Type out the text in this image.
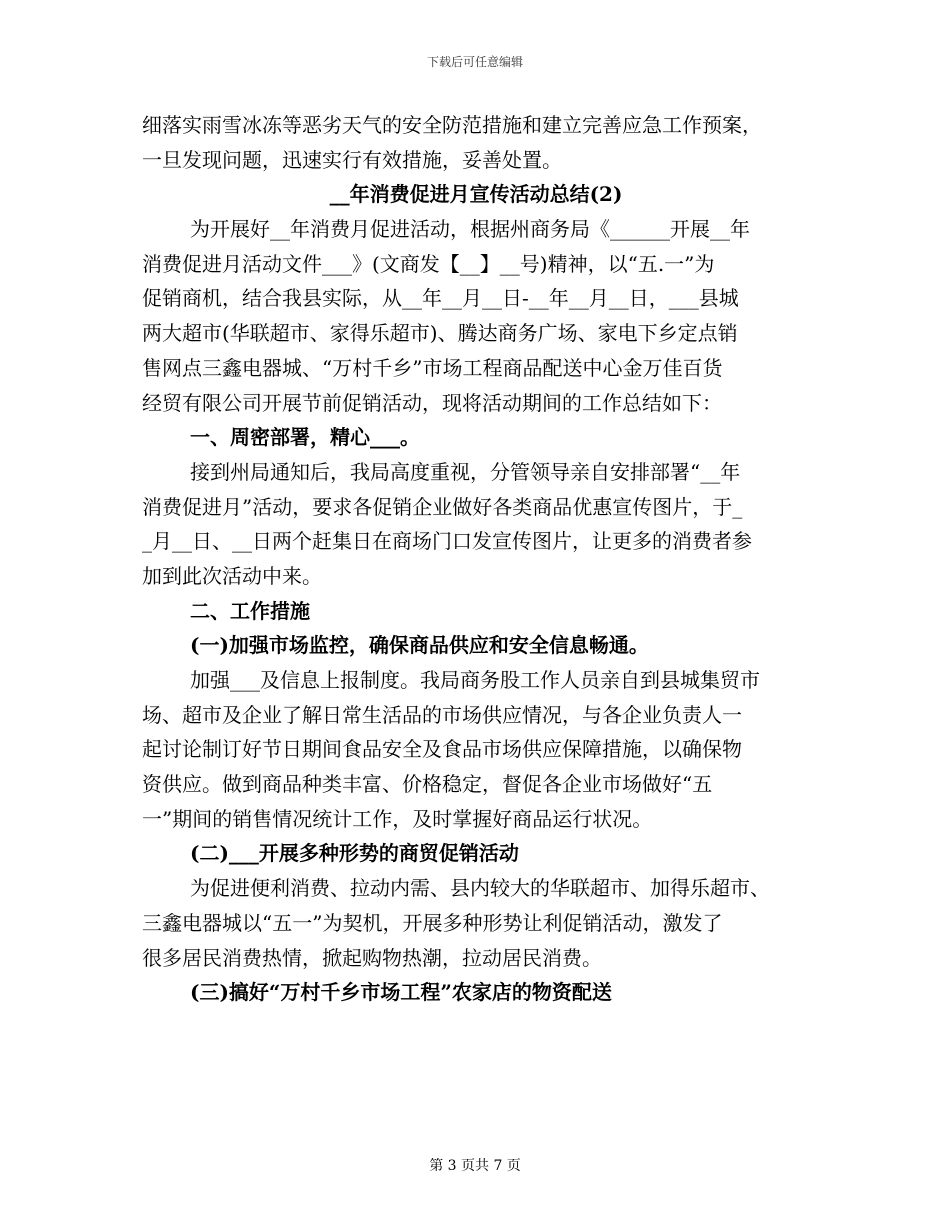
下载后可任意编辑
细落实雨雪冰冻等恶劣天气的安全防范措施和建立完善应急工作预案，
一旦发现问题，迅速实行有效措施，妥善处置。
__年消费促进月宣传活动总结(2)
为开展好__年消费月促进活动，根据州商务局《______开展__年
消费促进月活动文件___》(文商发【__】__号)精神，以“五.一”为
促销商机，结合我县实际，从__年__月__日-__年__月__日，___县城
两大超市(华联超市、家得乐超市)、腾达商务广场、家电下乡定点销
售网点三鑫电器城、“万村千乡”市场工程商品配送中心金万佳百货
经贸有限公司开展节前促销活动，现将活动期间的工作总结如下：
一、周密部署，精心___。
接到州局通知后，我局高度重视，分管领导亲自安排部署“__年
消费促进月”活动，要求各促销企业做好各类商品优惠宣传图片，于_
_月__日、__日两个赶集日在商场门口发宣传图片，让更多的消费者参
加到此次活动中来。
二、工作措施
(一)加强市场监控，确保商品供应和安全信息畅通。
加强___及信息上报制度。我局商务股工作人员亲自到县城集贸市
场、超市及企业了解日常生活品的市场供应情况，与各企业负责人一
起讨论制订好节日期间食品安全及食品市场供应保障措施，以确保物
资供应。做到商品种类丰富、价格稳定，督促各企业市场做好“五
一”期间的销售情况统计工作，及时掌握好商品运行状况。
(二)___开展多种形势的商贸促销活动
为促进便利消费、拉动内需、县内较大的华联超市、加得乐超市、
三鑫电器城以“五一”为契机，开展多种形势让利促销活动，激发了
很多居民消费热情，掀起购物热潮，拉动居民消费。
(三)搞好“万村千乡市场工程”农家店的物资配送
第 3 页共 7 页
